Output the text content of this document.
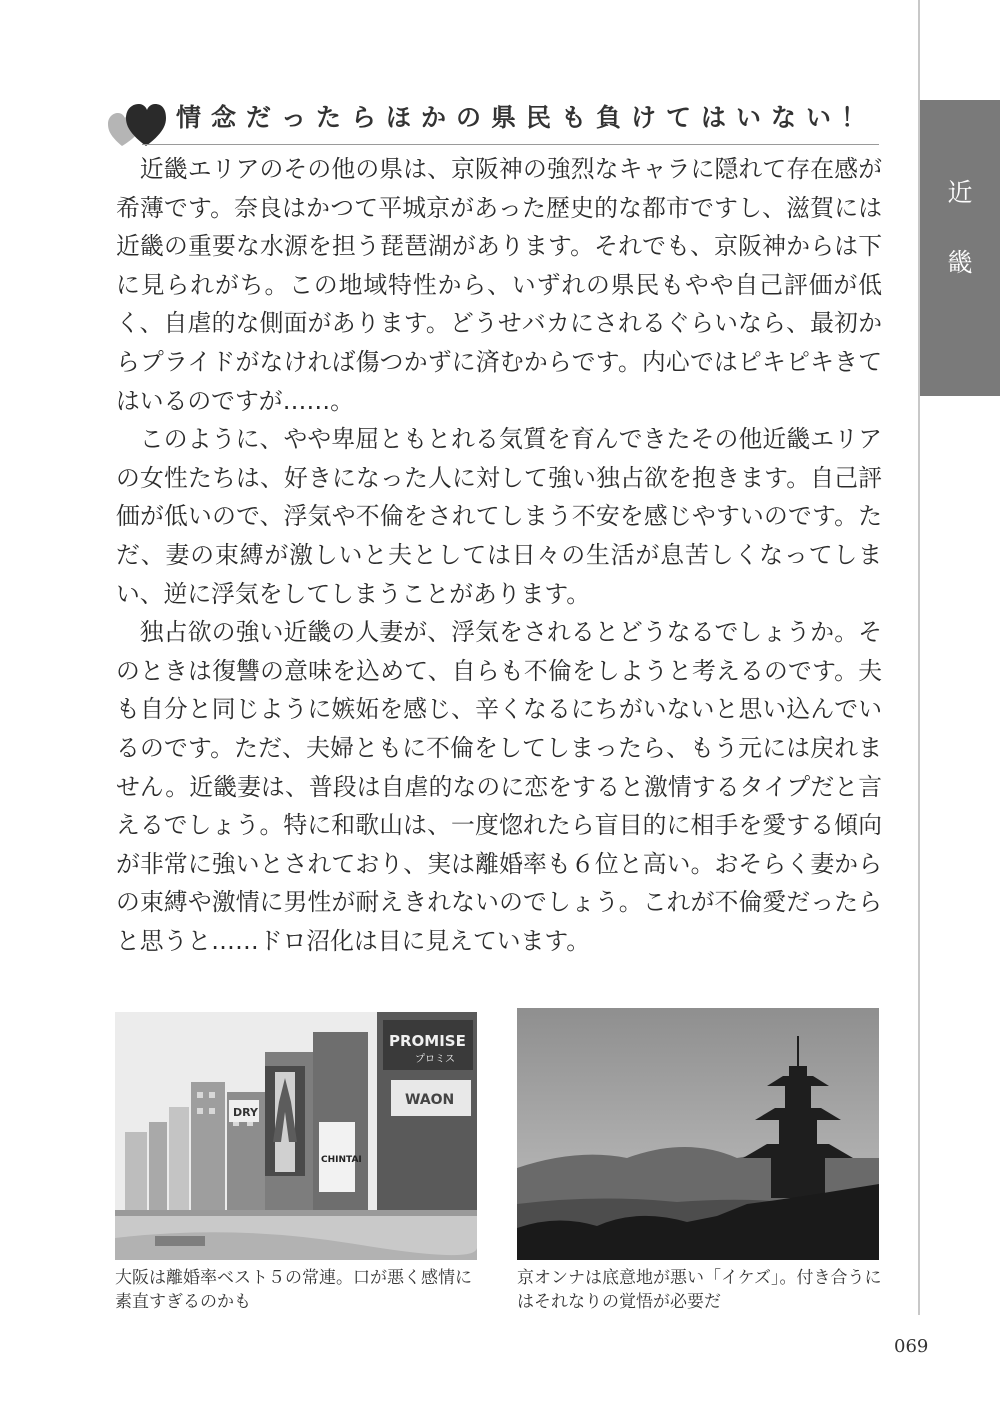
近
畿
情念だったらほかの県民も負けてはいない！

近畿エリアのその他の県は、京阪神の強烈なキャラに隠れて存在感が希薄です。奈良はかつて平城京があった歴史的な都市ですし、滋賀には近畿の重要な水源を担う琵琶湖があります。それでも、京阪神からは下に見られがち。この地域特性から、いずれの県民もやや自己評価が低く、自虐的な側面があります。どうせバカにされるぐらいなら、最初からプライドがなければ傷つかずに済むからです。内心ではピキピキきてはいるのですが……。

このように、やや卑屈ともとれる気質を育んできたその他近畿エリアの女性たちは、好きになった人に対して強い独占欲を抱きます。自己評価が低いので、浮気や不倫をされてしまう不安を感じやすいのです。ただ、妻の束縛が激しいと夫としては日々の生活が息苦しくなってしまい、逆に浮気をしてしまうことがあります。

独占欲の強い近畿の人妻が、浮気をされるとどうなるでしょうか。そのときは復讐の意味を込めて、自らも不倫をしようと考えるのです。夫も自分と同じように嫉妬を感じ、辛くなるにちがいないと思い込んでいるのです。ただ、夫婦ともに不倫をしてしまったら、もう元には戻れません。近畿妻は、普段は自虐的なのに恋をすると激情するタイプだと言えるでしょう。特に和歌山は、一度惚れたら盲目的に相手を愛する傾向が非常に強いとされており、実は離婚率も６位と高い。おそらく妻からの束縛や激情に男性が耐えきれないのでしょう。これが不倫愛だったらと思うと……ドロ沼化は目に見えています。

PROMISE
プロミス
WAON
CHINTAI
DRY
大阪は離婚率ベスト５の常連。口が悪く感情に素直すぎるのかも
京オンナは底意地が悪い「イケズ」。付き合うにはそれなりの覚悟が必要だ
069
